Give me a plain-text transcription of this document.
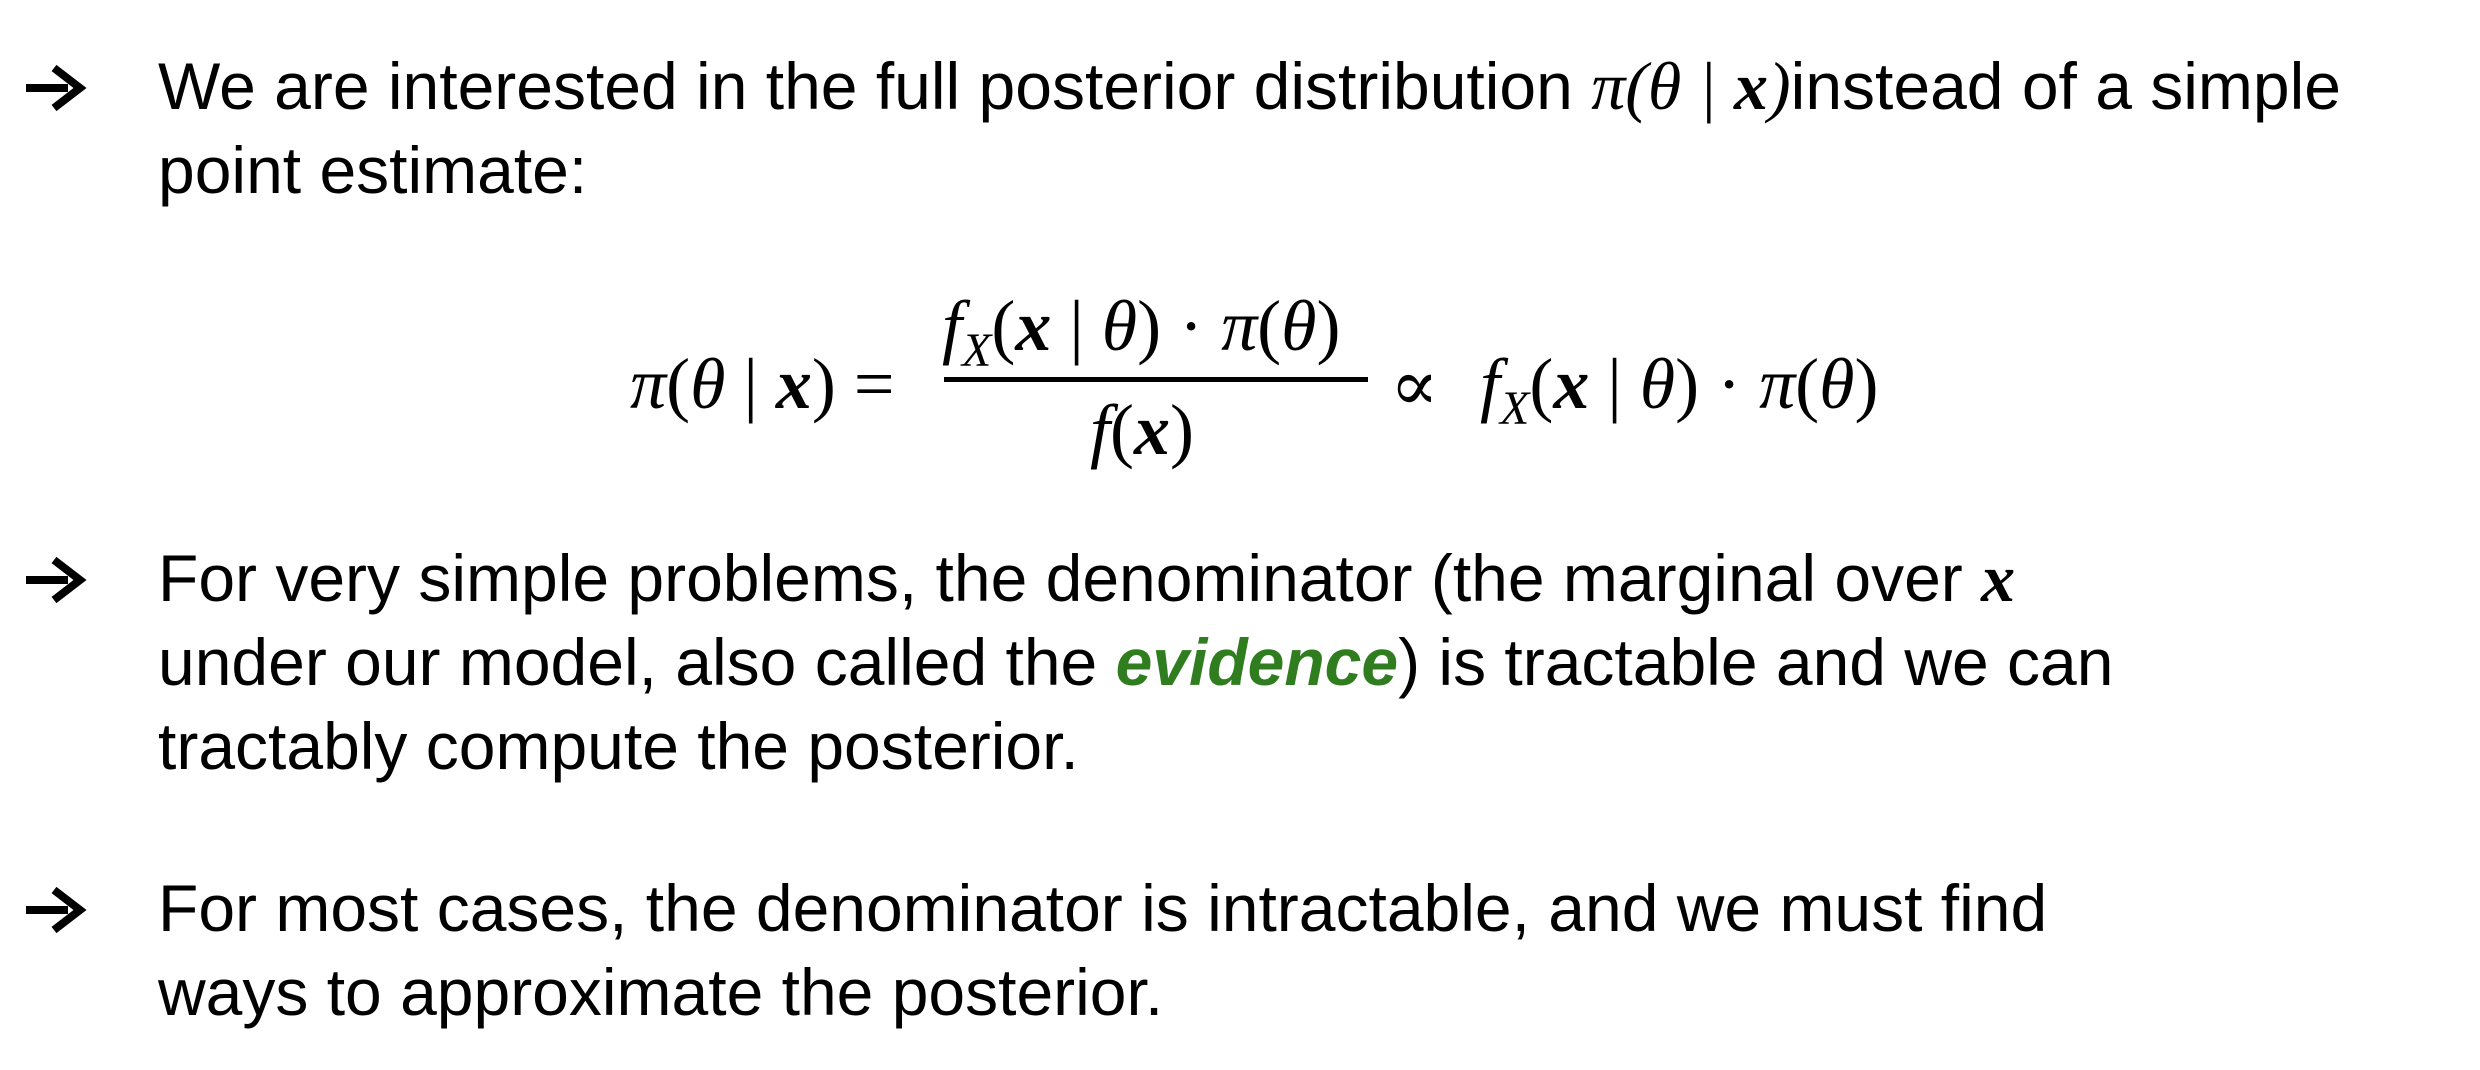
We are interested in the full posterior distribution π(θ | x)instead of a simple
point estimate:

π(θ | x) =
$f_X(x$ | θ) · π(θ)
f(x)
∝ $f_X(x$ | θ) · π(θ)

For very simple problems, the denominator (the marginal over x
under our model, also called the evidence) is tractable and we can
tractably compute the posterior.

For most cases, the denominator is intractable, and we must find
ways to approximate the posterior.
